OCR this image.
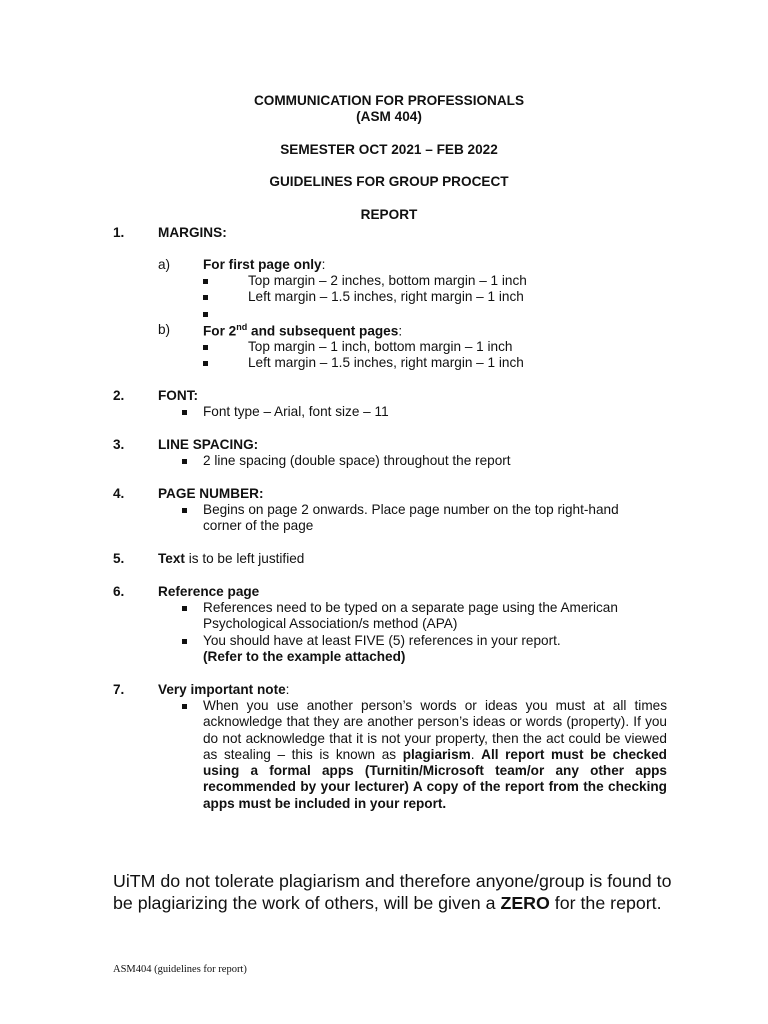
COMMUNICATION FOR PROFESSIONALS
(ASM 404)
SEMESTER OCT 2021 – FEB 2022
GUIDELINES FOR GROUP PROCECT
REPORT
1. MARGINS:
a) For first page only:
Top margin – 2 inches, bottom margin – 1 inch
Left margin – 1.5 inches, right margin – 1 inch
b) For 2nd and subsequent pages:
Top margin – 1 inch, bottom margin – 1 inch
Left margin – 1.5 inches, right margin – 1 inch
2. FONT:
Font type – Arial, font size – 11
3. LINE SPACING:
2 line spacing (double space) throughout the report
4. PAGE NUMBER:
Begins on page 2 onwards. Place page number on the top right-hand
corner of the page
5. Text is to be left justified
6. Reference page
References need to be typed on a separate page using the American
Psychological Association/s method (APA)
You should have at least FIVE (5) references in your report.
(Refer to the example attached)
7. Very important note:

When you use another person’s words or ideas you must at all times acknowledge that they are another person’s ideas or words (property). If you do not acknowledge that it is not your property, then the act could be viewed as stealing – this is known as plagiarism. All report must be checked using a formal apps (Turnitin/Microsoft team/or any other apps recommended by your lecturer) A copy of the report from the checking apps must be included in your report.

UiTM do not tolerate plagiarism and therefore anyone/group is found to
be plagiarizing the work of others, will be given a ZERO for the report.
ASM404 (guidelines for report)
